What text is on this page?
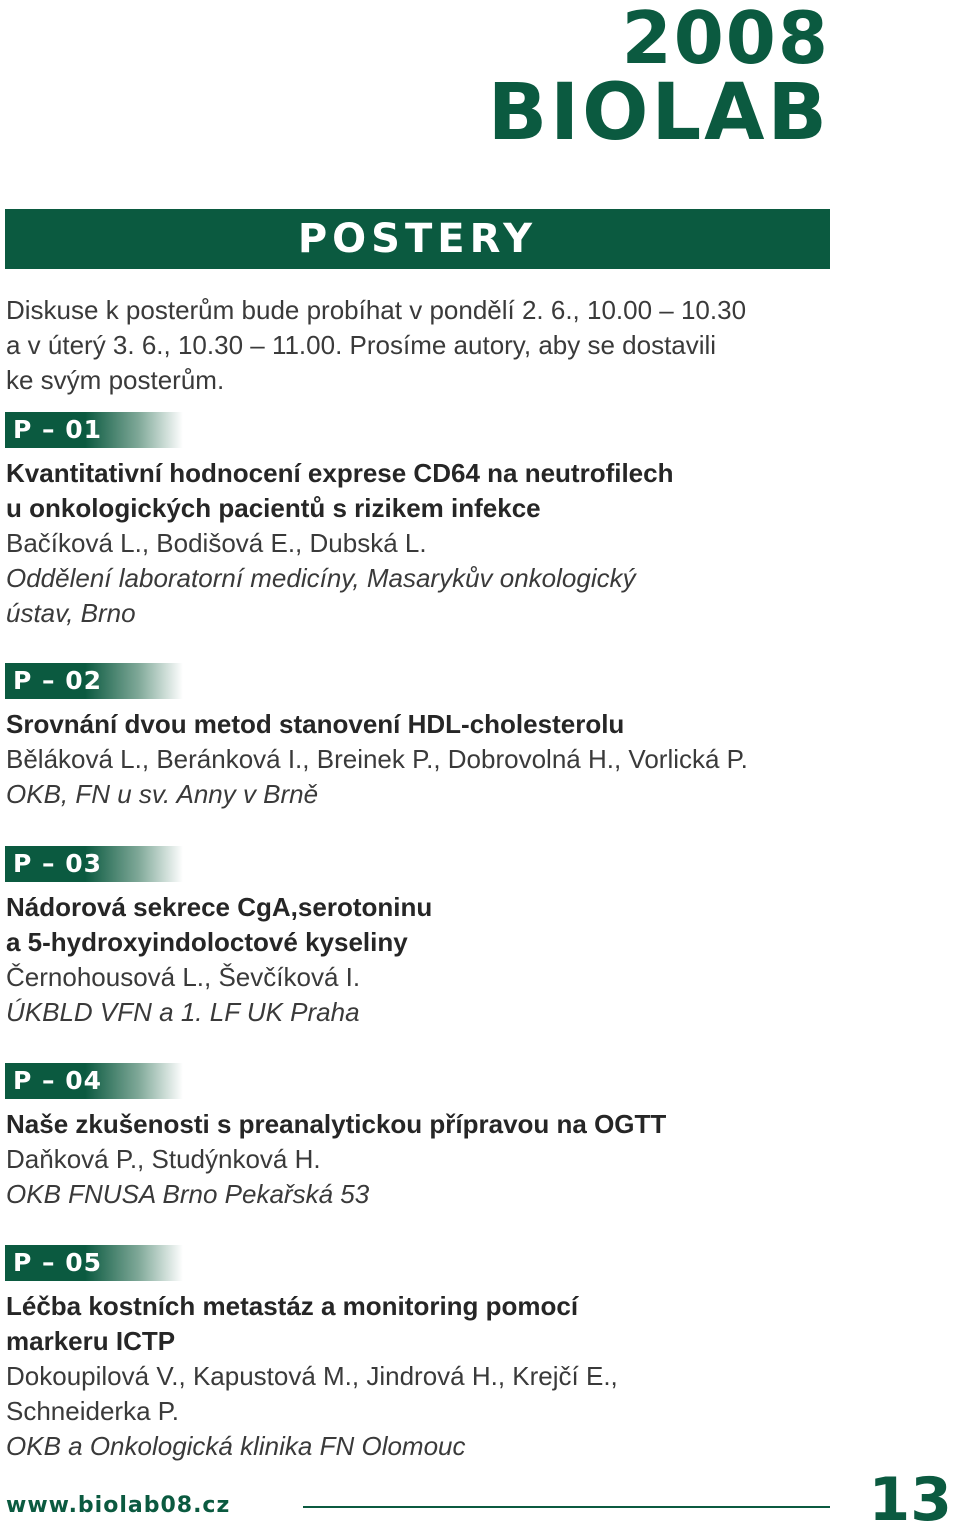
2008
BIOLAB
POSTERY
Diskuse k posterům bude probíhat v pondělí 2. 6., 10.00 – 10.30
a v úterý 3. 6., 10.30 – 11.00. Prosíme autory, aby se dostavili
ke svým posterům.
P – 01
Kvantitativní hodnocení exprese CD64 na neutrofilech
u onkologických pacientů s rizikem infekce
Bačíková L., Bodišová E., Dubská L.
Oddělení laboratorní medicíny, Masarykův onkologický
ústav, Brno
P – 02
Srovnání dvou metod stanovení HDL-cholesterolu
Běláková L., Beránková I., Breinek P., Dobrovolná H., Vorlická P.
OKB, FN u sv. Anny v Brně
P – 03
Nádorová sekrece CgA,serotoninu
a 5-hydroxyindoloctové kyseliny
Černohousová L., Ševčíková I.
ÚKBLD VFN a 1. LF UK Praha
P – 04
Naše zkušenosti s preanalytickou přípravou na OGTT
Daňková P., Studýnková H.
OKB FNUSA Brno Pekařská 53
P – 05
Léčba kostních metastáz a monitoring pomocí
markeru ICTP
Dokoupilová V., Kapustová M., Jindrová H., Krejčí E.,
Schneiderka P.
OKB a Onkologická klinika FN Olomouc
www.biolab08.cz	13
